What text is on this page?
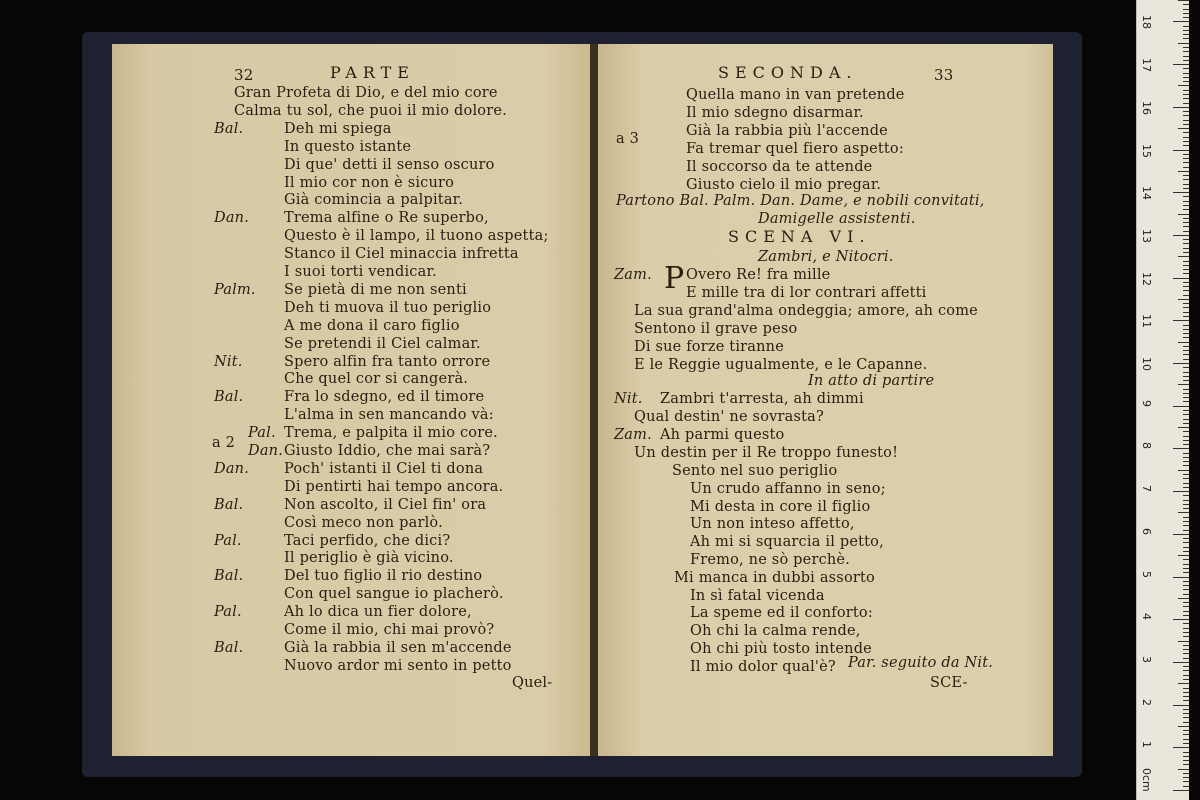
32	PARTE
a 2
Quel-
Gran Profeta di Dio, e del mio core
Calma tu sol, che puoi il mio dolore.
Bal.	Deh mi spiega
In questo istante
Di que' detti il senso oscuro
Il mio cor non è sicuro
Già comincia a palpitar.
Dan. Trema alfine o Re superbo,
Questo è il lampo, il tuono aspetta;
Stanco il Ciel minaccia infretta
I suoi torti vendicar.
Palm. Se pietà di me non senti
Deh ti muova il tuo periglio
A me dona il caro figlio
Se pretendi il Ciel calmar.
Nit.	Spero alfin fra tanto orrore
Che quel cor si cangerà.
Bal.	Fra lo sdegno, ed il timore
L'alma in sen mancando và:
Pal. Trema, e palpita il mio core.
Dan. Giusto Iddio, che mai sarà?
Dan. Poch' istanti il Ciel ti dona
Di pentirti hai tempo ancora.
Bal.	Non ascolto, il Ciel fin' ora
Così meco non parlò.
Pal.	Taci perfido, che dici?
Il periglio è già vicino.
Bal.	Del tuo figlio il rio destino
Con quel sangue io placherò.
Pal.	Ah lo dica un fier dolore,
Come il mio, chi mai provò?
Bal.	Già la rabbia il sen m'accende
Nuovo ardor mi sento in petto
SECONDA.	33
a 3
Partono Bal. Palm. Dan. Dame, e nobili convitati,
Damigelle assistenti.
SCENA VI.
Zambri, e Nitocri.
Zam. P Overo Re! fra mille
E mille tra di lor contrari affetti
In atto di partire
Nit. Zambri t'arresta, ah dimmi
Qual destin' ne sovrasta?
Zam. Ah parmi questo
Un destin per il Re troppo funesto!
Par. seguito da Nit.
SCE-
Quella mano in van pretende
Il mio sdegno disarmar.
Già la rabbia più l'accende
Fa tremar quel fiero aspetto:
Il soccorso da te attende
Giusto cielo il mio pregar.
La sua grand'alma ondeggia; amore, ah come
Sentono il grave peso
Di sue forze tiranne
E le Reggie ugualmente, e le Capanne.
Sento nel suo periglio
Un crudo affanno in seno;
Mi desta in core il figlio
Un non inteso affetto,
Ah mi si squarcia il petto,
Fremo, ne sò perchè.
Mi manca in dubbi assorto
In sì fatal vicenda
La speme ed il conforto:
Oh chi la calma rende,
Oh chi più tosto intende
Il mio dolor qual'è?
0cm
1
2
3
4
5
6
7
8
9
10
11
12
13
14
15
16
17
18
